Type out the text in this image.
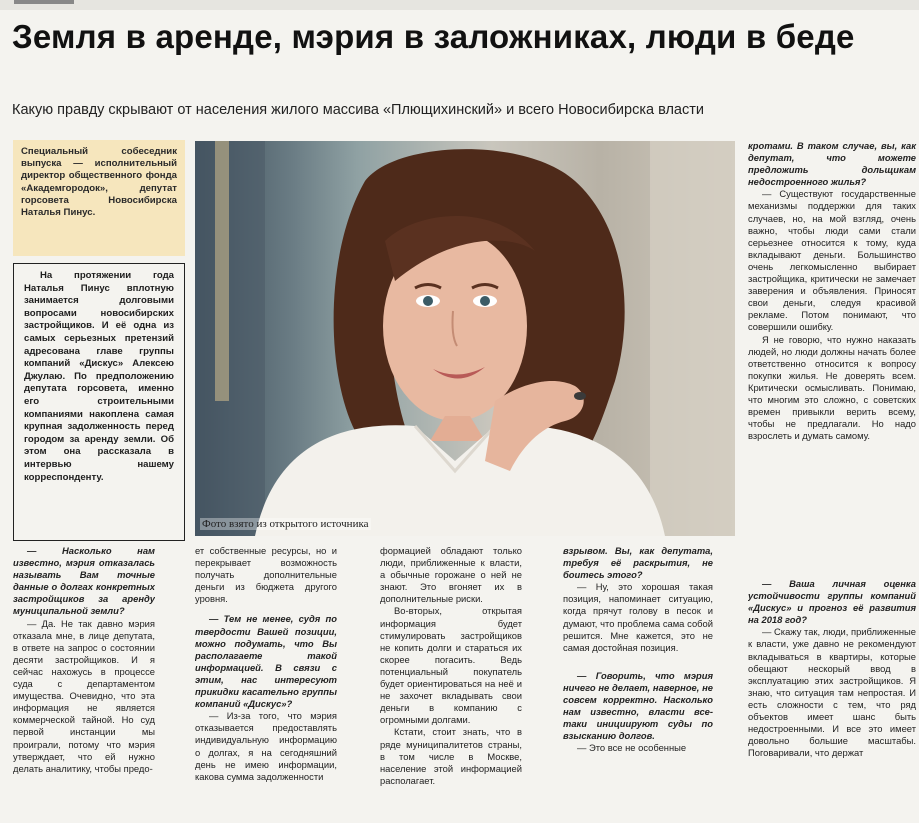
Земля в аренде, мэрия в заложниках, люди в беде
Какую правду скрывают от населения жилого массива «Плющихинский» и всего Новосибирска власти
Специальный собеседник выпуска — исполнительный директор общественного фонда «Академгородок», депутат горсовета Новосибирска Наталья Пинус.
На протяжении года Наталья Пинус вплотную занимается долговыми вопросами новосибирских застройщиков. И её одна из самых серьезных претензий адресована главе группы компаний «Дискус» Алексею Джулаю. По предположению депутата горсовета, именно его строительными компаниями накоплена самая крупная задолженность перед городом за аренду земли. Об этом она рассказала в интервью нашему корреспонденту.
Фото взято из открытого источника

кротами. В таком случае, вы, как депутат, что можете предложить дольщикам недостроенного жилья?

— Существуют государственные механизмы поддержки для таких случаев, но, на мой взгляд, очень важно, чтобы люди сами стали серьезнее относится к тому, куда вкладывают деньги. Большинство очень легкомысленно выбирает застройщика, критически не замечает заверения и объявления. Приносят свои деньги, следуя красивой рекламе. Потом понимают, что совершили ошибку.

Я не говорю, что нужно наказать людей, но люди должны начать более ответственно относится к вопросу покупки жилья. Не доверять всем. Критически осмысливать. Понимаю, что многим это сложно, с советских времен привыкли верить всему, чтобы не предлагали. Но надо взрослеть и думать самому.

— Ваша личная оценка устойчивости группы компаний «Дискус» и прогноз её развития на 2018 год?

— Скажу так, люди, приближенные к власти, уже давно не рекомендуют вкладываться в квартиры, которые обещают нескорый ввод в эксплуатацию этих застройщиков. Я знаю, что ситуация там непростая. И есть сложности с тем, что ряд объектов имеет шанс быть недостроенными. И все это имеет довольно большие масштабы. Поговаривали, что держат

— Насколько нам известно, мэрия отказалась называть Вам точные данные о долгах конкретных застройщиков за аренду муниципальной земли?

— Да. Не так давно мэрия отказала мне, в лице депутата, в ответе на запрос о состоянии десяти застройщиков. И я сейчас нахожусь в процессе суда с департаментом имущества. Очевидно, что эта информация не является коммерческой тайной. Но суд первой инстанции мы проиграли, потому что мэрия утверждает, что ей нужно делать аналитику, чтобы предо-

ет собственные ресурсы, но и перекрывает возможность получать дополнительные деньги из бюджета другого уровня.

— Тем не менее, судя по твердости Вашей позиции, можно подумать, что Вы располагаете такой информацией. В связи с этим, нас интересуют прикидки касательно группы компаний «Дискус»?

— Из-за того, что мэрия отказывается предоставлять индивидуальную информацию о долгах, я на сегодняшний день не имею информации, какова сумма задолженности

формацией обладают только люди, приближенные к власти, а обычные горожане о ней не знают. Это вгоняет их в дополнительные риски.

Во-вторых, открытая информация будет стимулировать застройщиков не копить долги и стараться их скорее погасить. Ведь потенциальный покупатель будет ориентироваться на неё и не захочет вкладывать свои деньги в компанию с огромными долгами.

Кстати, стоит знать, что в ряде муниципалитетов страны, в том числе в Москве, население этой информацией располагает.

взрывом. Вы, как депутата, требуя её раскрытия, не боитесь этого?

— Ну, это хорошая такая позиция, напоминает ситуацию, когда прячут голову в песок и думают, что проблема сама собой решится. Мне кажется, это не самая достойная позиция.

— Говорить, что мэрия ничего не делает, наверное, не совсем корректно. Насколько нам известно, власти все-таки инициируют суды по взысканию долгов.

— Это все не особенные
